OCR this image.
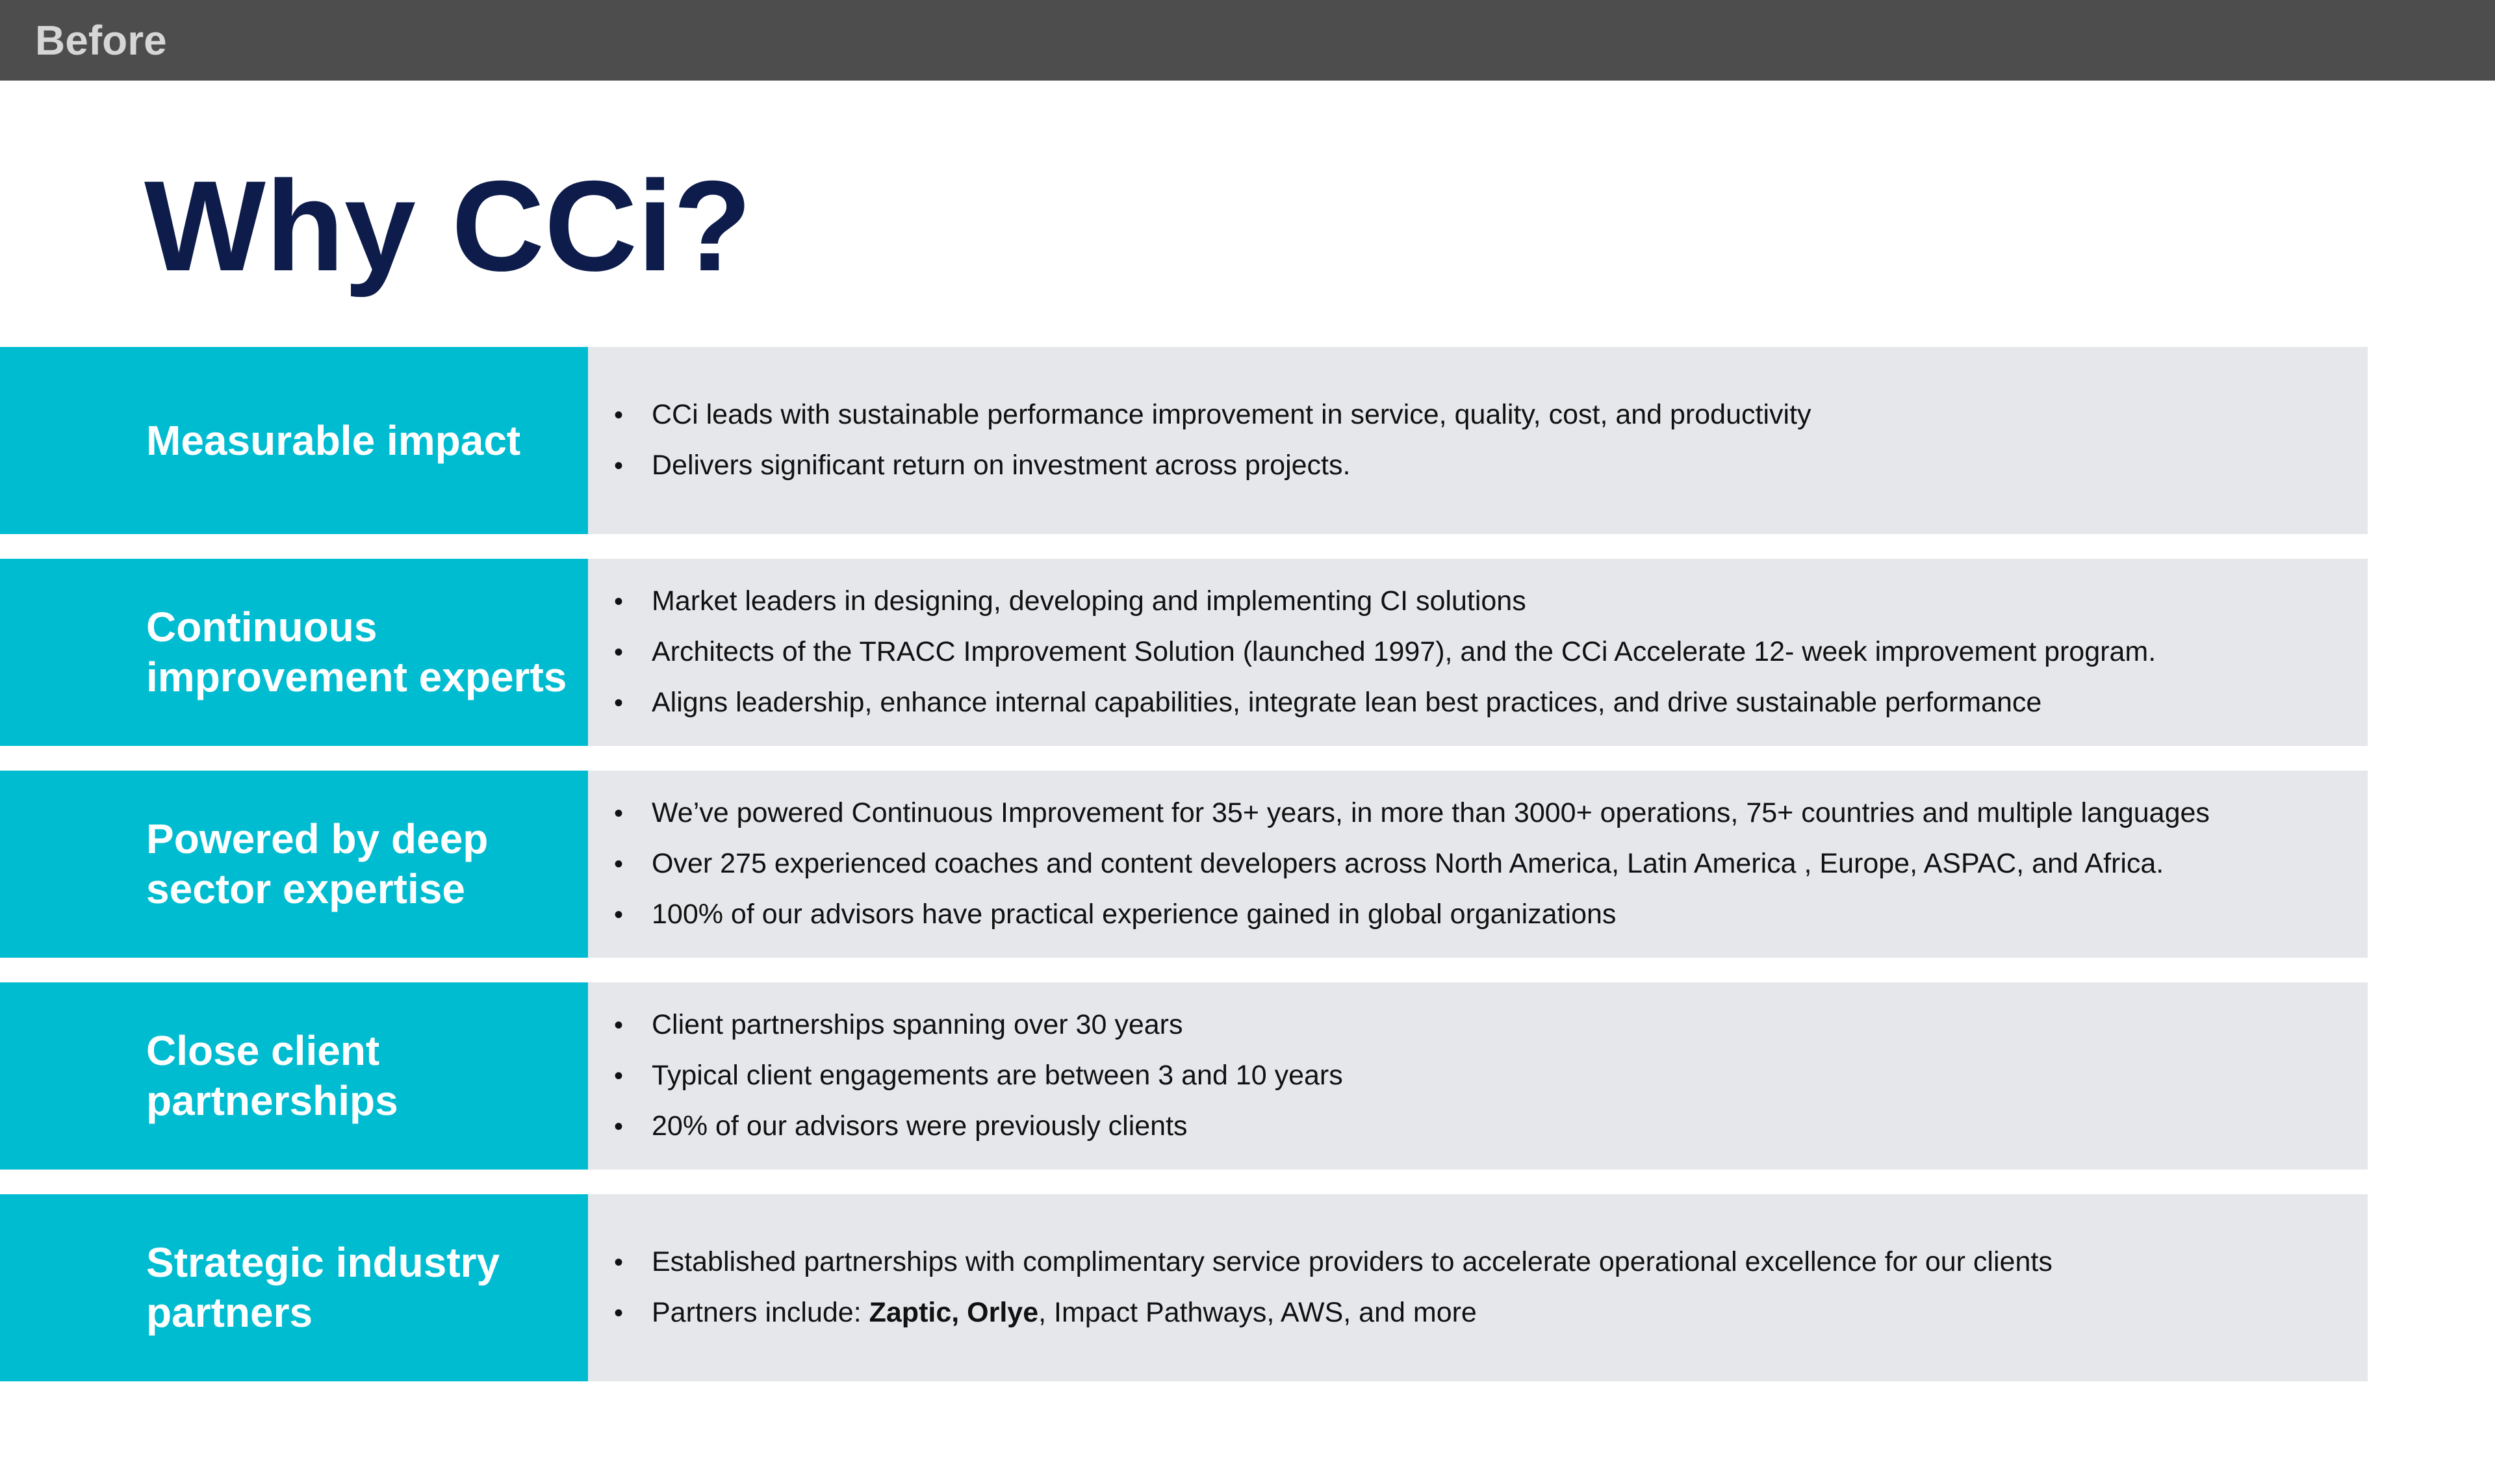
Before
Why CCi?
Measurable impact
•	CCi leads with sustainable performance improvement in service, quality, cost, and productivity
•	Delivers significant return on investment across projects.
Continuous improvement experts
•	Market leaders in designing, developing and implementing CI solutions
•	Architects of the TRACC Improvement Solution (launched 1997), and the CCi Accelerate 12- week improvement program.
•	Aligns leadership, enhance internal capabilities, integrate lean best practices, and drive sustainable performance
Powered by deep sector expertise
•	We’ve powered Continuous Improvement for 35+ years, in more than 3000+ operations, 75+ countries and multiple languages
•	Over 275 experienced coaches and content developers across North America, Latin America , Europe, ASPAC, and Africa.
•	100% of our advisors have practical experience gained in global organizations
Close client partnerships
•	Client partnerships spanning over 30 years
•	Typical client engagements are between 3 and 10 years
•	20% of our advisors were previously clients
Strategic industry partners
•	Established partnerships with complimentary service providers to accelerate operational excellence for our clients
•	Partners include: Zaptic, Orlye, Impact Pathways, AWS, and more
